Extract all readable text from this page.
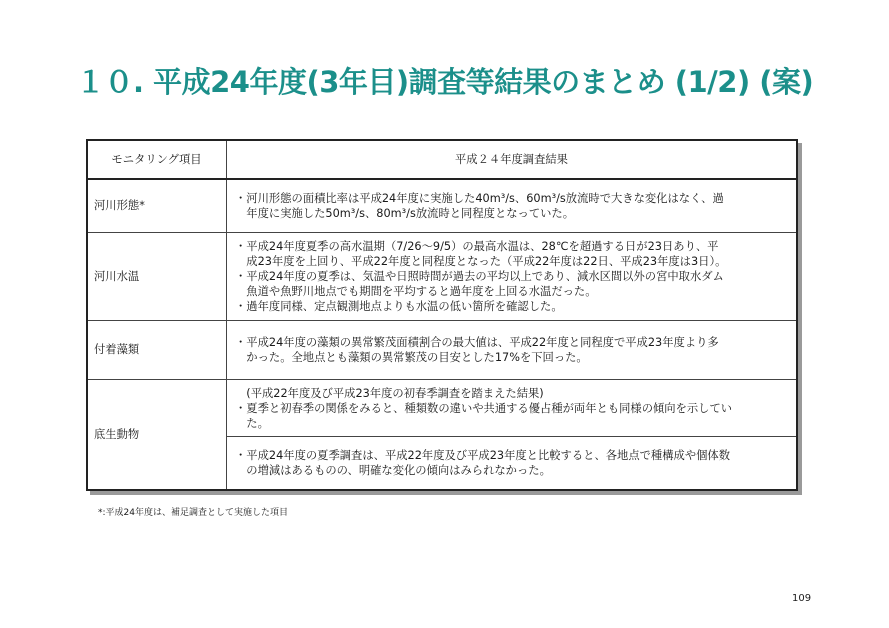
１０. 平成24年度(3年目)調査等結果のまとめ (1/2) (案)
モニタリング項目	平成２４年度調査結果
河川形態*	・河川形態の面積比率は平成24年度に実施した40m³/s、60m³/s放流時で大きな変化はなく、過
　年度に実施した50m³/s、80m³/s放流時と同程度となっていた。

河川水温	・平成24年度夏季の高水温期（7/26～9/5）の最高水温は、28℃を超過する日が23日あり、平
　成23年度を上回り、平成22年度と同程度となった（平成22年度は22日、平成23年度は3日）。
・平成24年度の夏季は、気温や日照時間が過去の平均以上であり、減水区間以外の宮中取水ダム
　魚道や魚野川地点でも期間を平均すると過年度を上回る水温だった。
・過年度同様、定点観測地点よりも水温の低い箇所を確認した。

付着藻類	・平成24年度の藻類の異常繁茂面積割合の最大値は、平成22年度と同程度で平成23年度より多
　かった。全地点とも藻類の異常繁茂の目安とした17%を下回った。

底生動物	　(平成22年度及び平成23年度の初春季調査を踏まえた結果)
・夏季と初春季の関係をみると、種類数の違いや共通する優占種が両年とも同様の傾向を示してい
　た。

	・平成24年度の夏季調査は、平成22年度及び平成23年度と比較すると、各地点で種構成や個体数
　の増減はあるものの、明確な変化の傾向はみられなかった。
*:平成24年度は、補足調査として実施した項目
109
